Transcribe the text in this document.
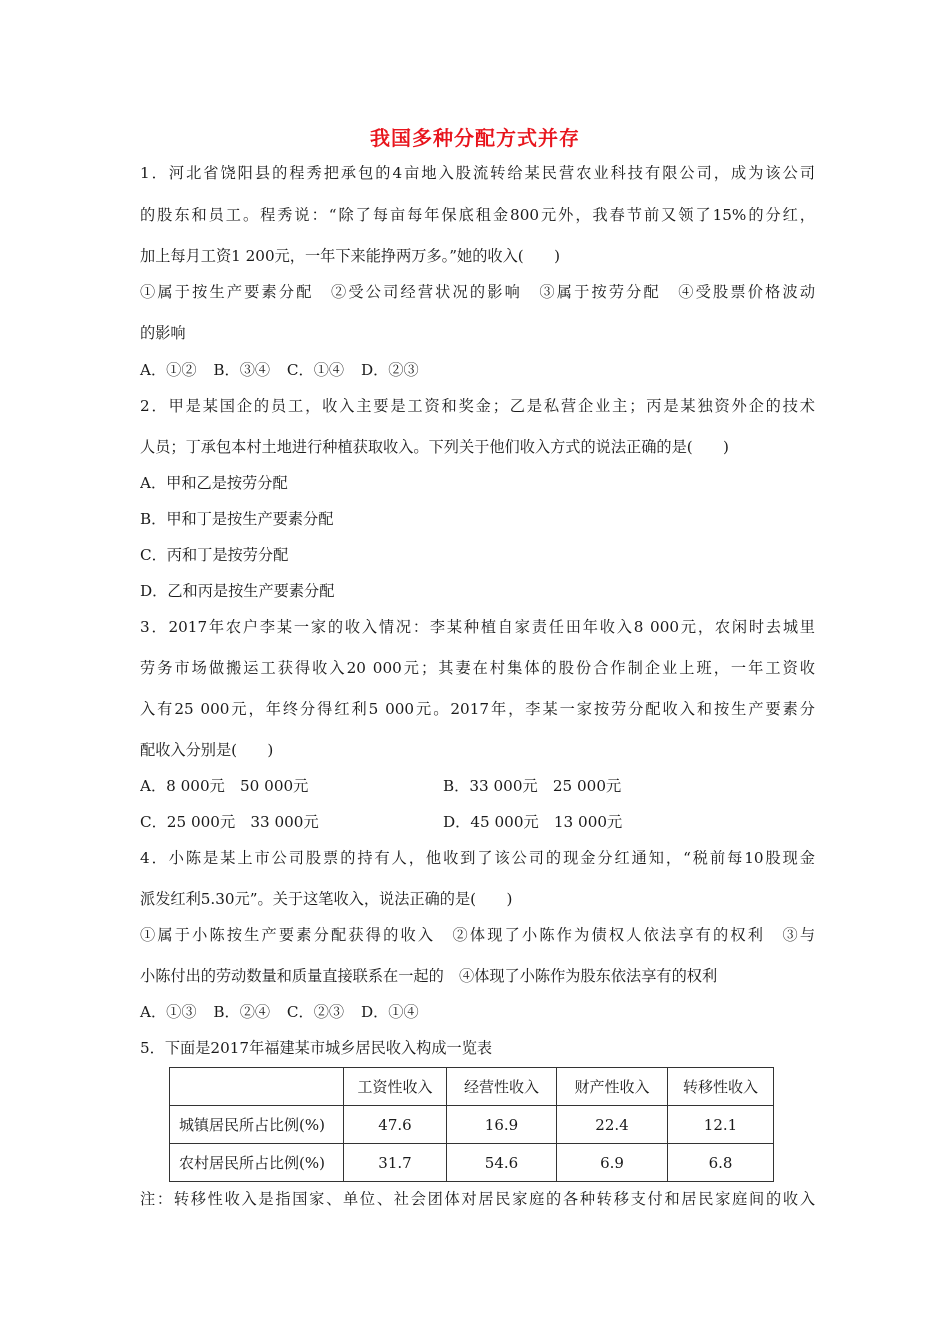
我国多种分配方式并存
1．河北省饶阳县的程秀把承包的4亩地入股流转给某民营农业科技有限公司，成为该公司
的股东和员工。程秀说：“除了每亩每年保底租金800元外，我春节前又领了15%的分红，
加上每月工资1 200元，一年下来能挣两万多。”她的收入(　　)
①属于按生产要素分配　②受公司经营状况的影响　③属于按劳分配　④受股票价格波动
的影响
A．①② B．③④ C．①④ D．②③
2．甲是某国企的员工，收入主要是工资和奖金；乙是私营企业主；丙是某独资外企的技术
人员；丁承包本村土地进行种植获取收入。下列关于他们收入方式的说法正确的是(　　)
A．甲和乙是按劳分配
B．甲和丁是按生产要素分配
C．丙和丁是按劳分配
D．乙和丙是按生产要素分配
3．2017年农户李某一家的收入情况：李某种植自家责任田年收入8 000元，农闲时去城里
劳务市场做搬运工获得收入20 000元；其妻在村集体的股份合作制企业上班，一年工资收
入有25 000元，年终分得红利5 000元。2017年，李某一家按劳分配收入和按生产要素分
配收入分别是(　　)
A．8 000元　50 000元	B．33 000元　25 000元
C．25 000元　33 000元	D．45 000元　13 000元
4．小陈是某上市公司股票的持有人，他收到了该公司的现金分红通知，“税前每10股现金
派发红利5.30元”。关于这笔收入，说法正确的是(　　)
①属于小陈按生产要素分配获得的收入　②体现了小陈作为债权人依法享有的权利　③与
小陈付出的劳动数量和质量直接联系在一起的　④体现了小陈作为股东依法享有的权利
A．①③ B．②④ C．②③ D．①④
5．下面是2017年福建某市城乡居民收入构成一览表
	工资性收入	经营性收入	财产性收入	转移性收入
城镇居民所占比例(%)	47.6	16.9	22.4	12.1
农村居民所占比例(%)	31.7	54.6	6.9	6.8
注：转移性收入是指国家、单位、社会团体对居民家庭的各种转移支付和居民家庭间的收入
